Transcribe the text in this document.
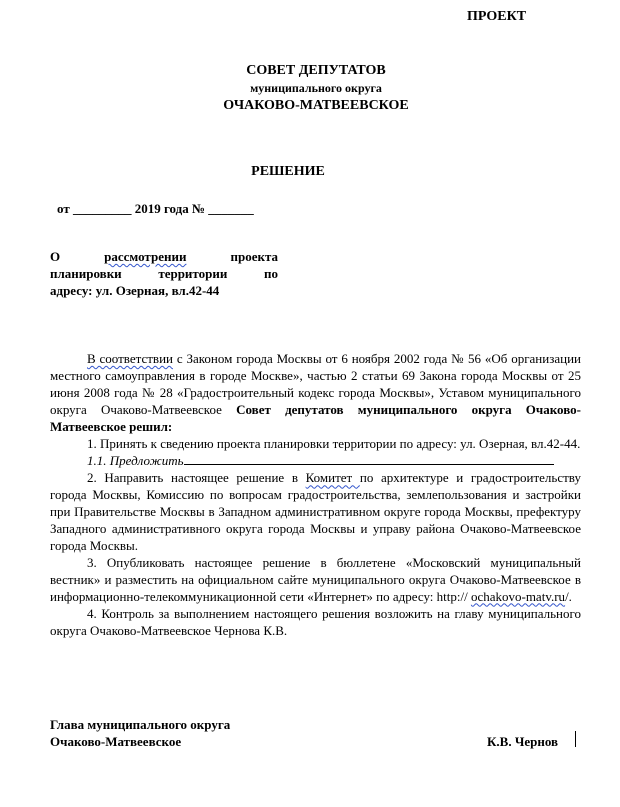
ПРОЕКТ
СОВЕТ ДЕПУТАТОВ
муниципального округа
ОЧАКОВО-МАТВЕЕВСКОЕ
РЕШЕНИЕ
от _________ 2019 года № _______
О	рассмотрении	проекта
планировки территории по
адресу: ул. Озерная, вл.42-44

В соответствии с Законом города Москвы от 6 ноября 2002 года № 56 «Об организации местного самоуправления в городе Москве», частью 2 статьи 69 Закона города Москвы от 25 июня 2008 года № 28 «Градостроительный кодекс города Москвы», Уставом муниципального округа Очаково-Матвеевское Совет депутатов муниципального округа Очаково-Матвеевское решил:

1. Принять к сведению проекта планировки территории по адресу: ул. Озерная, вл.42-44.

1.1. Предложить

2. Направить настоящее решение в Комитет по архитектуре и градостроительству города Москвы, Комиссию по вопросам градостроительства, землепользования и застройки при Правительстве Москвы в Западном административном округе города Москвы, префектуру Западного административного округа города Москвы и управу района Очаково-Матвеевское города Москвы.

3. Опубликовать настоящее решение в бюллетене «Московский муниципальный вестник» и разместить на официальном сайте муниципального округа Очаково-Матвеевское в информационно-телекоммуникационной сети «Интернет» по адресу: http:// ochakovo-matv.ru/.

4. Контроль за выполнением настоящего решения возложить на главу муниципального округа Очаково-Матвеевское Чернова К.В.

Глава муниципального округа
Очаково-Матвеевское	К.В. Чернов
